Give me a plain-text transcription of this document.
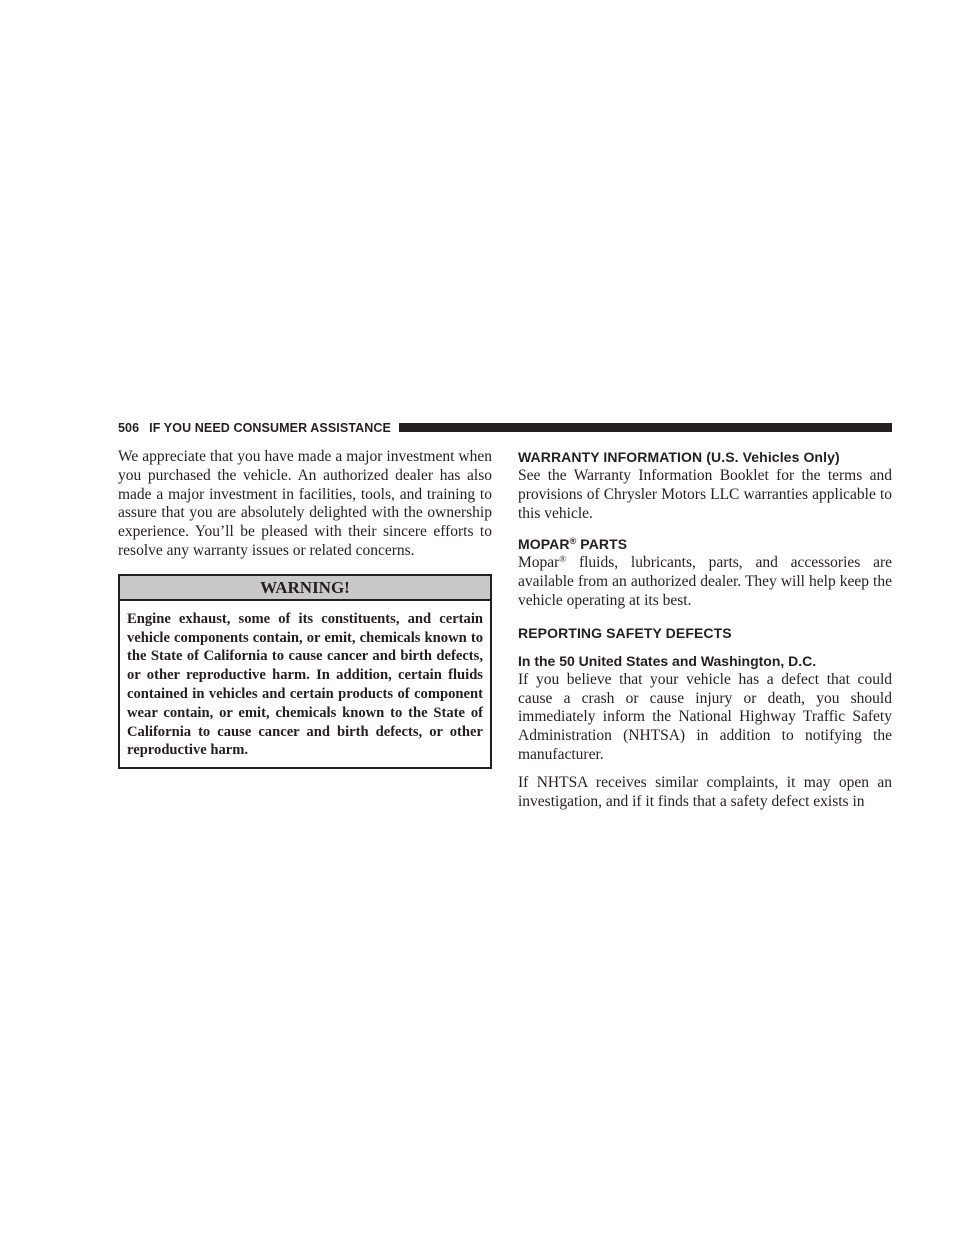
506 IF YOU NEED CONSUMER ASSISTANCE

We appreciate that you have made a major investment when you purchased the vehicle. An authorized dealer has also made a major investment in facilities, tools, and training to assure that you are absolutely delighted with the ownership experience. You’ll be pleased with their sincere efforts to resolve any warranty issues or related concerns.

WARNING!
Engine exhaust, some of its constituents, and certain vehicle components contain, or emit, chemicals known to the State of California to cause cancer and birth defects, or other reproductive harm. In addition, certain fluids contained in vehicles and certain products of component wear contain, or emit, chemicals known to the State of California to cause cancer and birth defects, or other reproductive harm.
WARRANTY INFORMATION (U.S. Vehicles Only)

See the Warranty Information Booklet for the terms and provisions of Chrysler Motors LLC warranties applicable to this vehicle.

MOPAR® PARTS

Mopar® fluids, lubricants, parts, and accessories are available from an authorized dealer. They will help keep the vehicle operating at its best.

REPORTING SAFETY DEFECTS
In the 50 United States and Washington, D.C.

If you believe that your vehicle has a defect that could cause a crash or cause injury or death, you should immediately inform the National Highway Traffic Safety Administration (NHTSA) in addition to notifying the manufacturer.

If NHTSA receives similar complaints, it may open an investigation, and if it finds that a safety defect exists in
